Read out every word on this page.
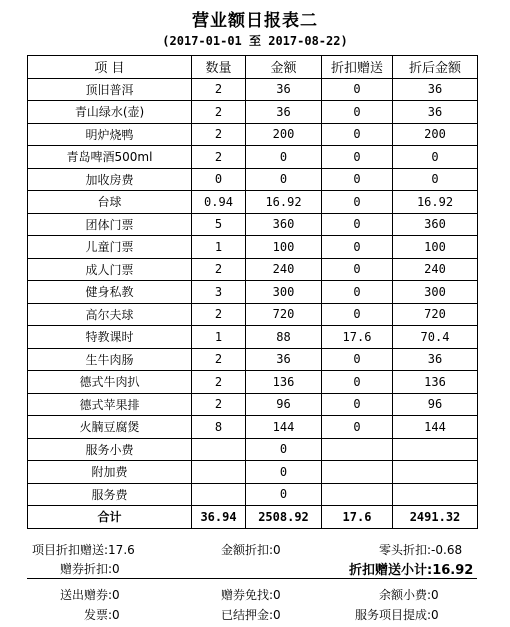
营业额日报表二
(2017-01-01 至 2017-08-22)
项 目	数量	金额	折扣赠送	折后金额
顶旧普洱	2	36	0	36
青山绿水(壶)	2	36	0	36
明炉烧鸭	2	200	0	200
青岛啤酒500ml	2	0	0	0
加收房费	0	0	0	0
台球	0.94	16.92	0	16.92
团体门票	5	360	0	360
儿童门票	1	100	0	100
成人门票	2	240	0	240
健身私教	3	300	0	300
高尔夫球	2	720	0	720
特教课时	1	88	17.6	70.4
生牛肉肠	2	36	0	36
德式牛肉扒	2	136	0	136
德式苹果排	2	96	0	96
火腩豆腐煲	8	144	0	144
服务小费		0		
附加费		0		
服务费		0		
合计	36.94	2508.92	17.6	2491.32
项目折扣赠送:17.6	金额折扣:0	零头折扣:-0.68
赠券折扣:0	折扣赠送小计:16.92
送出赠券:0	赠券免找:0	余额小费:0
发票:0	已结押金:0	服务项目提成:0
